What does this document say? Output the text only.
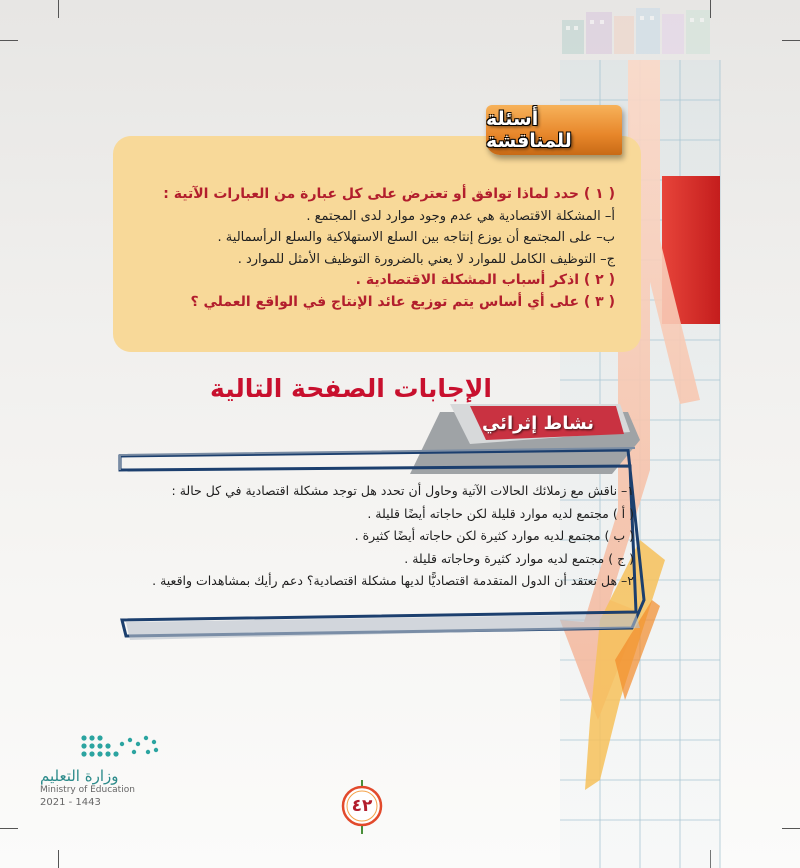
( ١ ) حدد لماذا توافق أو تعترض على كل عبارة من العبارات الآتية :

أ– المشكلة الاقتصادية هي عدم وجود موارد لدى المجتمع .

ب– على المجتمع أن يوزع إنتاجه بين السلع الاستهلاكية والسلع الرأسمالية .

ج– التوظيف الكامل للموارد لا يعني بالضرورة التوظيف الأمثل للموارد .

( ٢ ) اذكر أسباب المشكلة الاقتصادية .

( ٣ ) على أي أساس يتم توزيع عائد الإنتاج في الواقع العملي ؟

أسئلة للمناقشة
الإجابات الصفحة التالية
نشاط إثرائي

١– ناقش مع زملائك الحالات الآتية وحاول أن تحدد هل توجد مشكلة اقتصادية في كل حالة :

( أ ) مجتمع لديه موارد قليلة لكن حاجاته أيضًا قليلة .

( ب ) مجتمع لديه موارد كثيرة لكن حاجاته أيضًا كثيرة .

( ج ) مجتمع لديه موارد كثيرة وحاجاته قليلة .

٢– هل تعتقد أن الدول المتقدمة اقتصاديًّا لديها مشكلة اقتصادية؟ دعم رأيك بمشاهدات واقعية .

وزارة التعليم
Ministry of Education
2021 - 1443	٤٢
